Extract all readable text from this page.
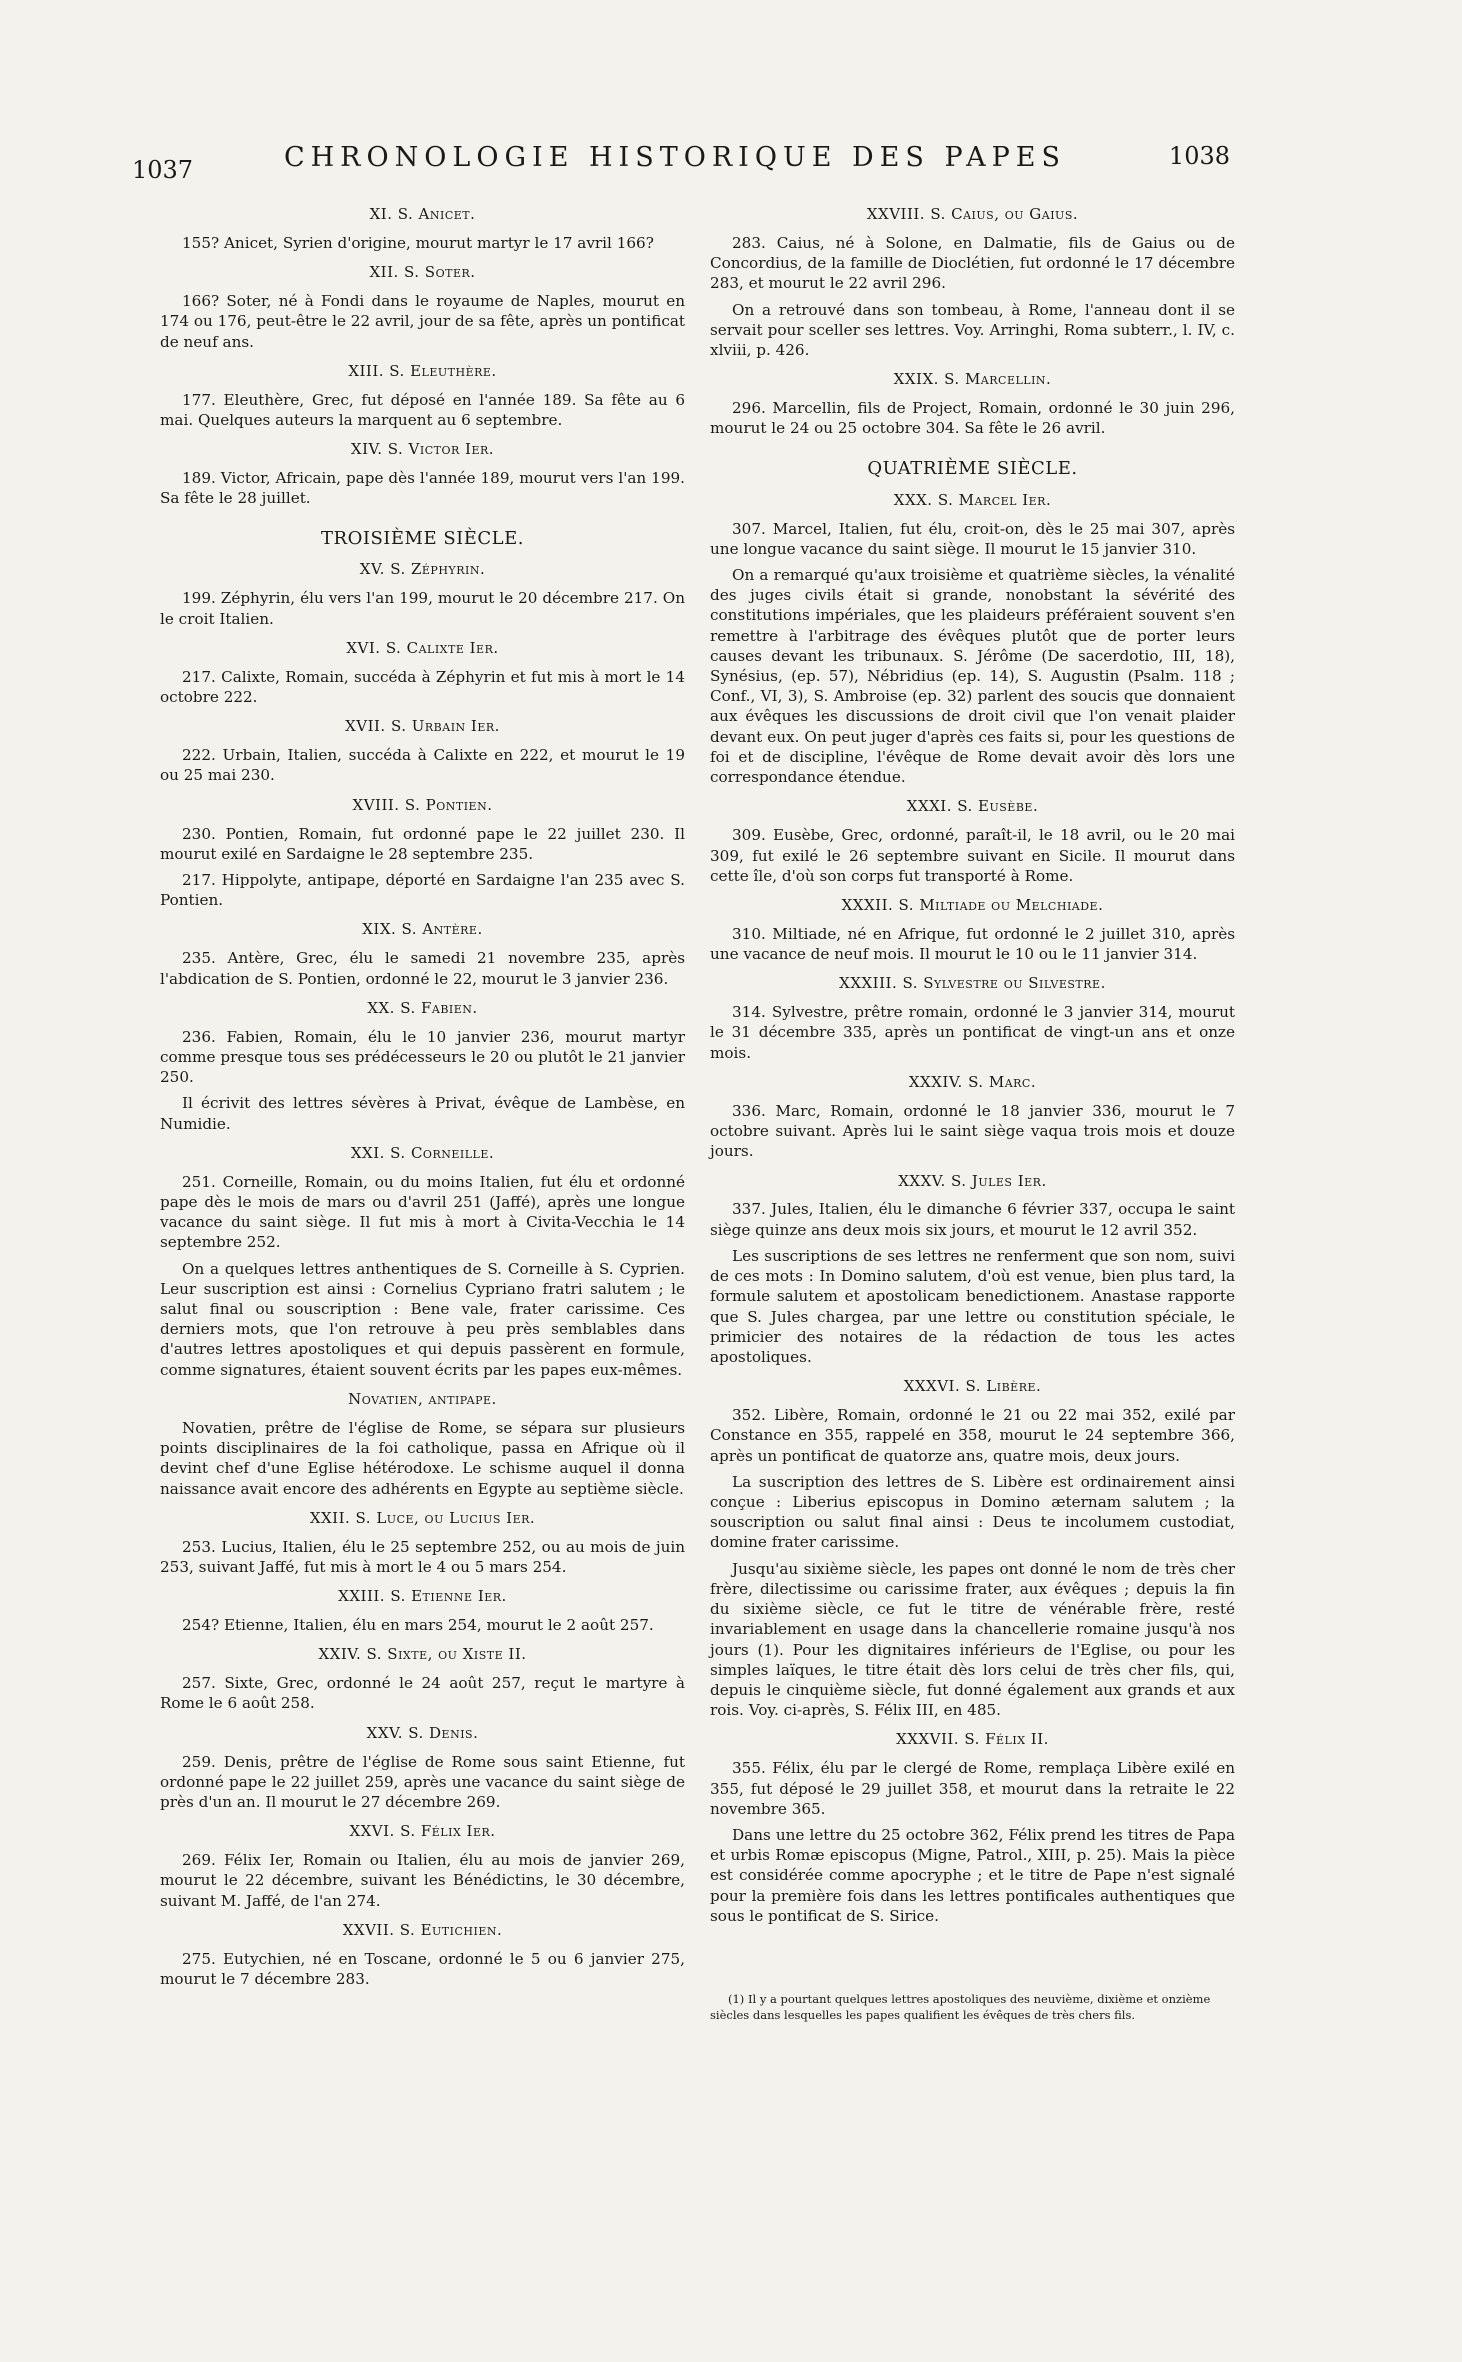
1037	CHRONOLOGIE HISTORIQUE DES PAPES	1038
XI. S. Anicet.

155? Anicet, Syrien d'origine, mourut martyr le 17 avril 166?

XII. S. Soter.

166? Soter, né à Fondi dans le royaume de Naples, mourut en 174 ou 176, peut-être le 22 avril, jour de sa fête, après un pontificat de neuf ans.

XIII. S. Eleuthère.

177. Eleuthère, Grec, fut déposé en l'année 189. Sa fête au 6 mai. Quelques auteurs la marquent au 6 septembre.

XIV. S. Victor Ier.

189. Victor, Africain, pape dès l'année 189, mourut vers l'an 199. Sa fête le 28 juillet.

TROISIÈME SIÈCLE.
XV. S. Zéphyrin.

199. Zéphyrin, élu vers l'an 199, mourut le 20 décembre 217. On le croit Italien.

XVI. S. Calixte Ier.

217. Calixte, Romain, succéda à Zéphyrin et fut mis à mort le 14 octobre 222.

XVII. S. Urbain Ier.

222. Urbain, Italien, succéda à Calixte en 222, et mourut le 19 ou 25 mai 230.

XVIII. S. Pontien.

230. Pontien, Romain, fut ordonné pape le 22 juillet 230. Il mourut exilé en Sardaigne le 28 septembre 235.

217. Hippolyte, antipape, déporté en Sardaigne l'an 235 avec S. Pontien.

XIX. S. Antère.

235. Antère, Grec, élu le samedi 21 novembre 235, après l'abdication de S. Pontien, ordonné le 22, mourut le 3 janvier 236.

XX. S. Fabien.

236. Fabien, Romain, élu le 10 janvier 236, mourut martyr comme presque tous ses prédécesseurs le 20 ou plutôt le 21 janvier 250.

Il écrivit des lettres sévères à Privat, évêque de Lambèse, en Numidie.

XXI. S. Corneille.

251. Corneille, Romain, ou du moins Italien, fut élu et ordonné pape dès le mois de mars ou d'avril 251 (Jaffé), après une longue vacance du saint siège. Il fut mis à mort à Civita-Vecchia le 14 septembre 252.

On a quelques lettres anthentiques de S. Corneille à S. Cyprien. Leur suscription est ainsi : Cornelius Cypriano fratri salutem ; le salut final ou souscription : Bene vale, frater carissime. Ces derniers mots, que l'on retrouve à peu près semblables dans d'autres lettres apostoliques et qui depuis passèrent en formule, comme signatures, étaient souvent écrits par les papes eux-mêmes.

Novatien, antipape.

Novatien, prêtre de l'église de Rome, se sépara sur plusieurs points disciplinaires de la foi catholique, passa en Afrique où il devint chef d'une Eglise hétérodoxe. Le schisme auquel il donna naissance avait encore des adhérents en Egypte au septième siècle.

XXII. S. Luce, ou Lucius Ier.

253. Lucius, Italien, élu le 25 septembre 252, ou au mois de juin 253, suivant Jaffé, fut mis à mort le 4 ou 5 mars 254.

XXIII. S. Etienne Ier.

254? Etienne, Italien, élu en mars 254, mourut le 2 août 257.

XXIV. S. Sixte, ou Xiste II.

257. Sixte, Grec, ordonné le 24 août 257, reçut le martyre à Rome le 6 août 258.

XXV. S. Denis.

259. Denis, prêtre de l'église de Rome sous saint Etienne, fut ordonné pape le 22 juillet 259, après une vacance du saint siège de près d'un an. Il mourut le 27 décembre 269.

XXVI. S. Félix Ier.

269. Félix Ier, Romain ou Italien, élu au mois de janvier 269, mourut le 22 décembre, suivant les Bénédictins, le 30 décembre, suivant M. Jaffé, de l'an 274.

XXVII. S. Eutichien.

275. Eutychien, né en Toscane, ordonné le 5 ou 6 janvier 275, mourut le 7 décembre 283.

XXVIII. S. Caius, ou Gaius.

283. Caius, né à Solone, en Dalmatie, fils de Gaius ou de Concordius, de la famille de Dioclétien, fut ordonné le 17 décembre 283, et mourut le 22 avril 296.

On a retrouvé dans son tombeau, à Rome, l'anneau dont il se servait pour sceller ses lettres. Voy. Arringhi, Roma subterr., l. IV, c. xlviii, p. 426.

XXIX. S. Marcellin.

296. Marcellin, fils de Project, Romain, ordonné le 30 juin 296, mourut le 24 ou 25 octobre 304. Sa fête le 26 avril.

QUATRIÈME SIÈCLE.
XXX. S. Marcel Ier.

307. Marcel, Italien, fut élu, croit-on, dès le 25 mai 307, après une longue vacance du saint siège. Il mourut le 15 janvier 310.

On a remarqué qu'aux troisième et quatrième siècles, la vénalité des juges civils était si grande, nonobstant la sévérité des constitutions impériales, que les plaideurs préféraient souvent s'en remettre à l'arbitrage des évêques plutôt que de porter leurs causes devant les tribunaux. S. Jérôme (De sacerdotio, III, 18), Synésius, (ep. 57), Nébridius (ep. 14), S. Augustin (Psalm. 118 ; Conf., VI, 3), S. Ambroise (ep. 32) parlent des soucis que donnaient aux évêques les discussions de droit civil que l'on venait plaider devant eux. On peut juger d'après ces faits si, pour les questions de foi et de discipline, l'évêque de Rome devait avoir dès lors une correspondance étendue.

XXXI. S. Eusèbe.

309. Eusèbe, Grec, ordonné, paraît-il, le 18 avril, ou le 20 mai 309, fut exilé le 26 septembre suivant en Sicile. Il mourut dans cette île, d'où son corps fut transporté à Rome.

XXXII. S. Miltiade ou Melchiade.

310. Miltiade, né en Afrique, fut ordonné le 2 juillet 310, après une vacance de neuf mois. Il mourut le 10 ou le 11 janvier 314.

XXXIII. S. Sylvestre ou Silvestre.

314. Sylvestre, prêtre romain, ordonné le 3 janvier 314, mourut le 31 décembre 335, après un pontificat de vingt-un ans et onze mois.

XXXIV. S. Marc.

336. Marc, Romain, ordonné le 18 janvier 336, mourut le 7 octobre suivant. Après lui le saint siège vaqua trois mois et douze jours.

XXXV. S. Jules Ier.

337. Jules, Italien, élu le dimanche 6 février 337, occupa le saint siège quinze ans deux mois six jours, et mourut le 12 avril 352.

Les suscriptions de ses lettres ne renferment que son nom, suivi de ces mots : In Domino salutem, d'où est venue, bien plus tard, la formule salutem et apostolicam benedictionem. Anastase rapporte que S. Jules chargea, par une lettre ou constitution spéciale, le primicier des notaires de la rédaction de tous les actes apostoliques.

XXXVI. S. Libère.

352. Libère, Romain, ordonné le 21 ou 22 mai 352, exilé par Constance en 355, rappelé en 358, mourut le 24 septembre 366, après un pontificat de quatorze ans, quatre mois, deux jours.

La suscription des lettres de S. Libère est ordinairement ainsi conçue : Liberius episcopus in Domino æternam salutem ; la souscription ou salut final ainsi : Deus te incolumem custodiat, domine frater carissime.

Jusqu'au sixième siècle, les papes ont donné le nom de très cher frère, dilectissime ou carissime frater, aux évêques ; depuis la fin du sixième siècle, ce fut le titre de vénérable frère, resté invariablement en usage dans la chancellerie romaine jusqu'à nos jours (1). Pour les dignitaires inférieurs de l'Eglise, ou pour les simples laïques, le titre était dès lors celui de très cher fils, qui, depuis le cinquième siècle, fut donné également aux grands et aux rois. Voy. ci-après, S. Félix III, en 485.

XXXVII. S. Félix II.

355. Félix, élu par le clergé de Rome, remplaça Libère exilé en 355, fut déposé le 29 juillet 358, et mourut dans la retraite le 22 novembre 365.

Dans une lettre du 25 octobre 362, Félix prend les titres de Papa et urbis Romæ episcopus (Migne, Patrol., XIII, p. 25). Mais la pièce est considérée comme apocryphe ; et le titre de Pape n'est signalé pour la première fois dans les lettres pontificales authentiques que sous le pontificat de S. Sirice.

(1) Il y a pourtant quelques lettres apostoliques des neuvième, dixième et onzième siècles dans lesquelles les papes qualifient les évêques de très chers fils.
